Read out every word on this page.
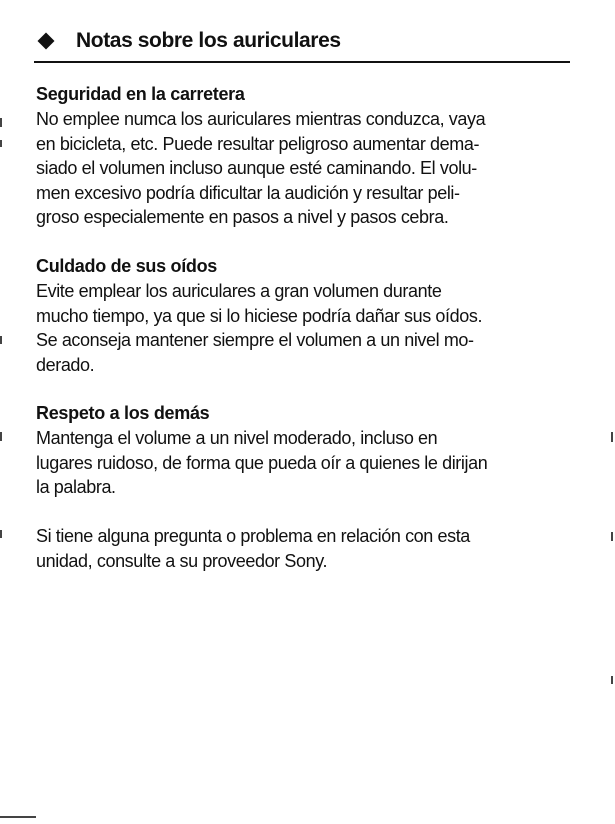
Notas sobre los auriculares
Seguridad en la carretera

No emplee numca los auriculares mientras conduzca, vaya
en bicicleta, etc. Puede resultar peligroso aumentar dema-
siado el volumen incluso aunque esté caminando. El volu-
men excesivo podría dificultar la audición y resultar peli-
groso especialemente en pasos a nivel y pasos cebra.

Culdado de sus oídos

Evite emplear los auriculares a gran volumen durante
mucho tiempo, ya que si lo hiciese podría dañar sus oídos.
Se aconseja mantener siempre el volumen a un nivel mo-
derado.

Respeto a los demás

Mantenga el volume a un nivel moderado, incluso en
lugares ruidoso, de forma que pueda oír a quienes le dirijan
la palabra.

Si tiene alguna pregunta o problema en relación con esta
unidad, consulte a su proveedor Sony.
